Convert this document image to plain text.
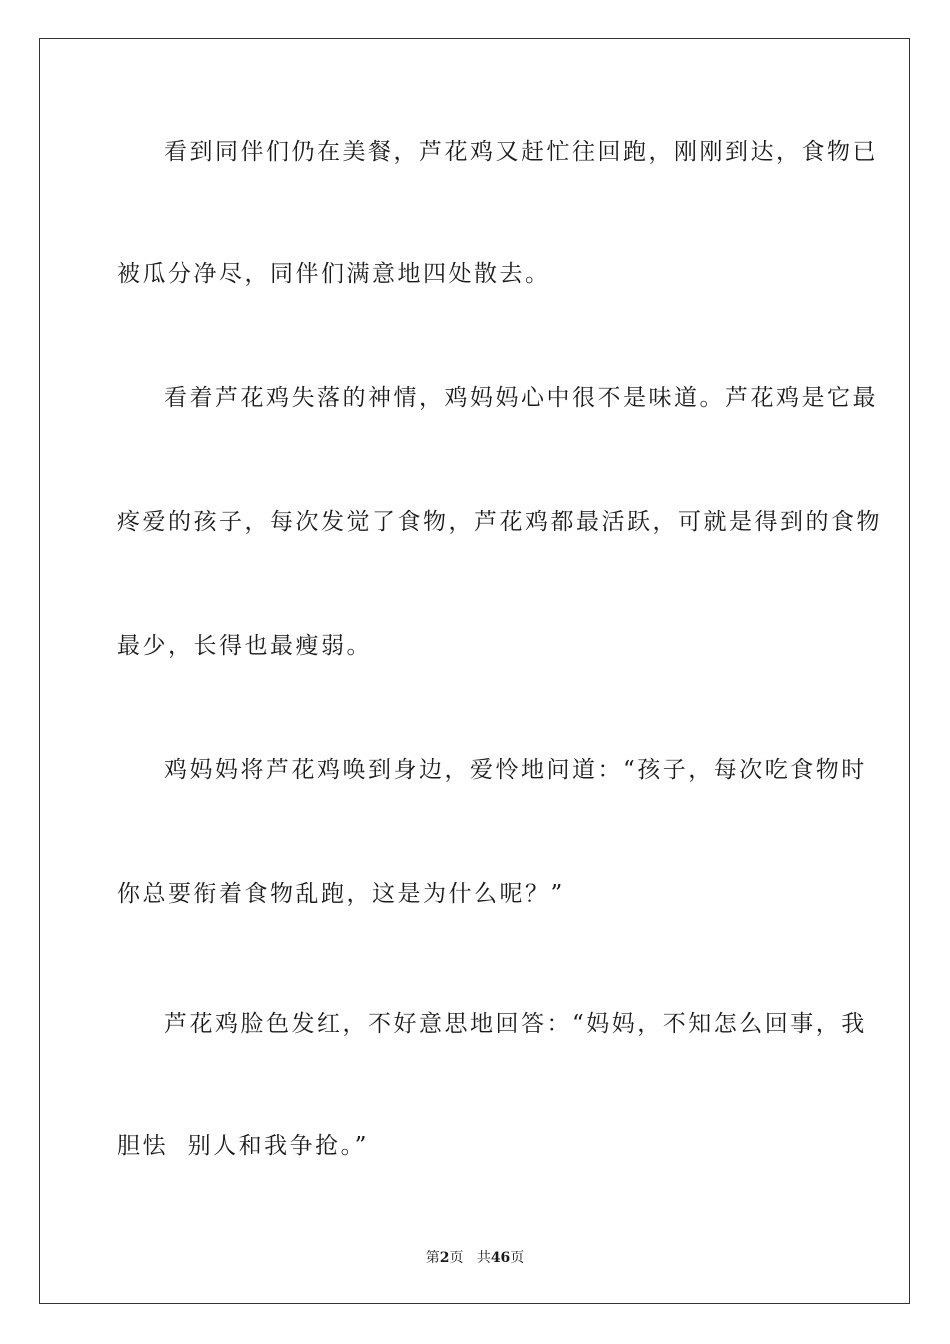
看到同伴们仍在美餐，芦花鸡又赶忙往回跑，刚刚到达，食物已
被瓜分净尽，同伴们满意地四处散去。
看着芦花鸡失落的神情，鸡妈妈心中很不是味道。芦花鸡是它最
疼爱的孩子，每次发觉了食物，芦花鸡都最活跃，可就是得到的食物
最少，长得也最瘦弱。
鸡妈妈将芦花鸡唤到身边，爱怜地问道：“孩子，每次吃食物时
你总要衔着食物乱跑，这是为什么呢？”
芦花鸡脸色发红，不好意思地回答：“妈妈，不知怎么回事，我
胆怯  别人和我争抢。”
第2页 共46页
